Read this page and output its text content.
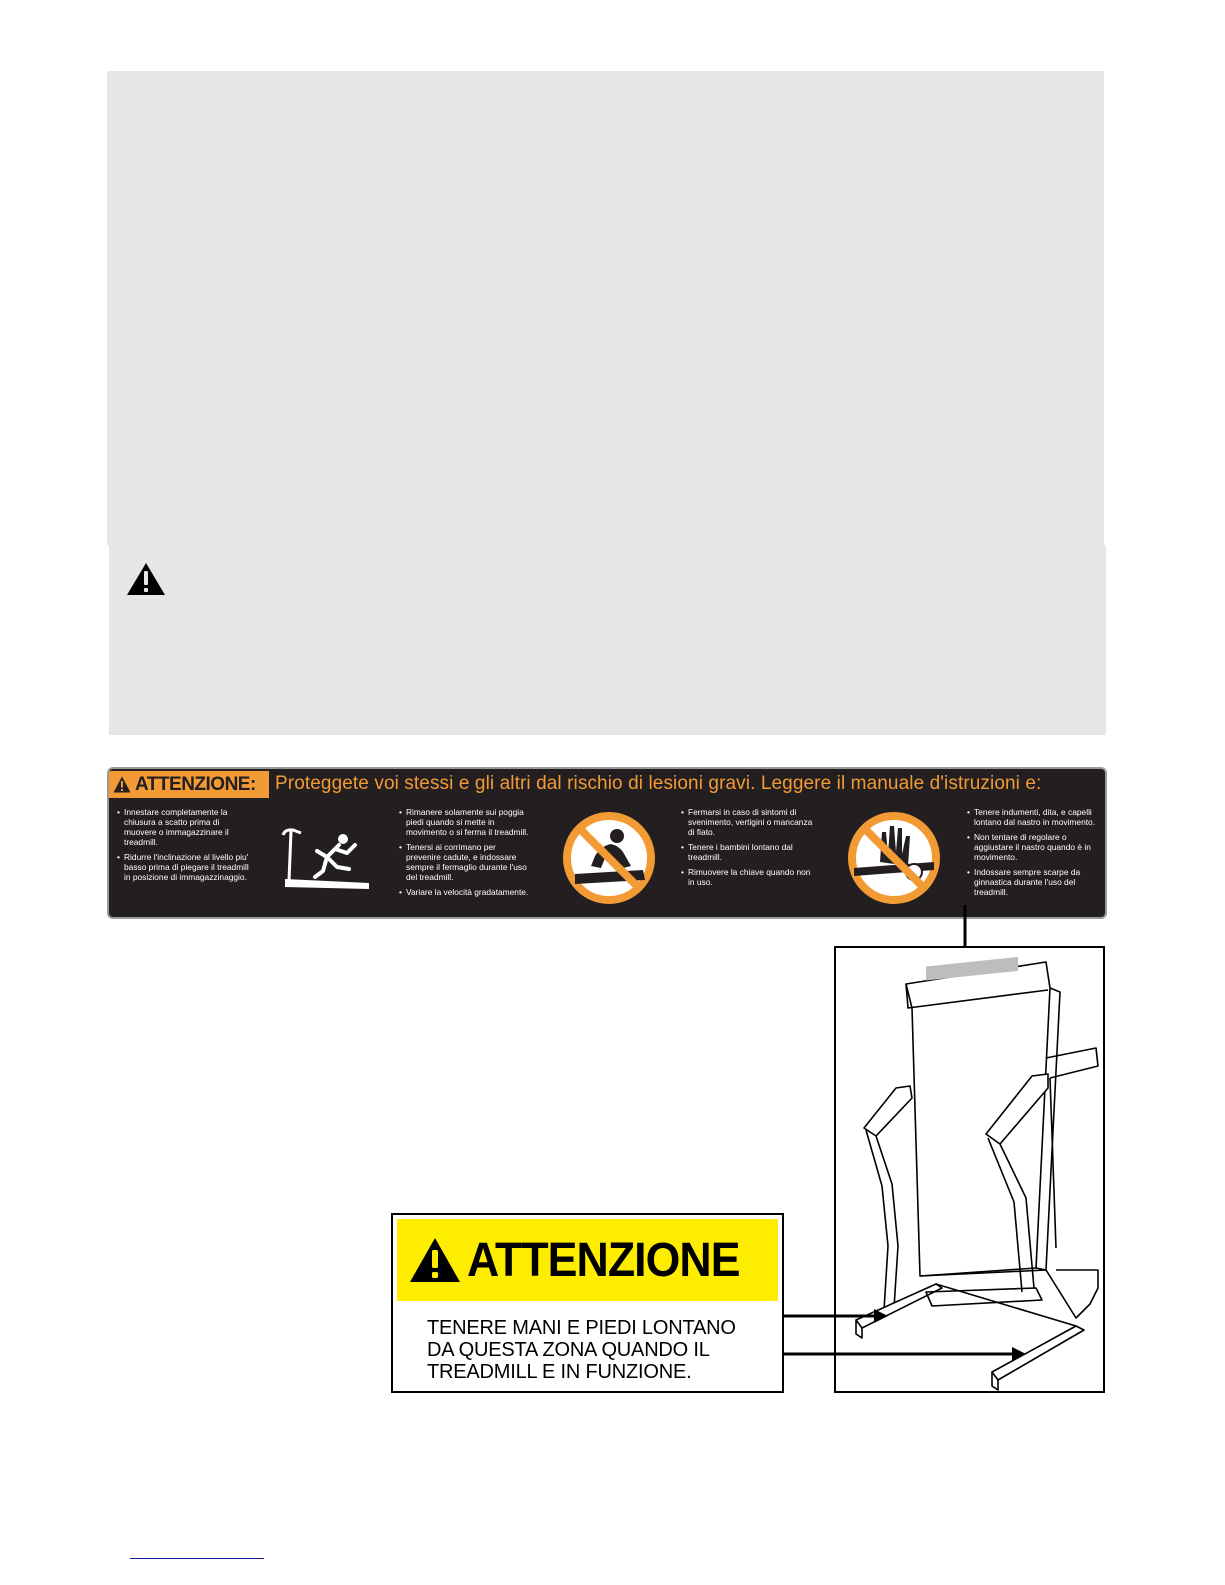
ATTENZIONE: Proteggete voi stessi e gli altri dal rischio di lesioni gravi. Leggere il manuale d'istruzioni e:
• Innestare completamente la chiusura a scatto prima di muovere o immagazzinare il treadmill.
• Ridurre l'inclinazione al livello piu' basso prima di piegare il treadmill in posizione di immagazzinaggio.
• Rimanere solamente sui poggia piedi quando si mette in movimento o si ferma il treadmill.
• Tenersi ai corrimano per prevenire cadute, e indossare sempre il fermaglio durante l'uso del treadmill.
• Variare la velocità gradatamente.
• Fermarsi in caso di sintomi di svenimento, vertigini o mancanza di fiato.
• Tenere i bambini lontano dal treadmill.
• Rimuovere la chiave quando non in uso.
• Tenere indumenti, dita, e capelli lontano dal nastro in movimento.
• Non tentare di regolare o aggiustare il nastro quando è in movimento.
• Indossare sempre scarpe da ginnastica durante l'uso del treadmill.
ATTENZIONE
TENERE MANI E PIEDI LONTANO
DA QUESTA ZONA QUANDO IL
TREADMILL E IN FUNZIONE.
